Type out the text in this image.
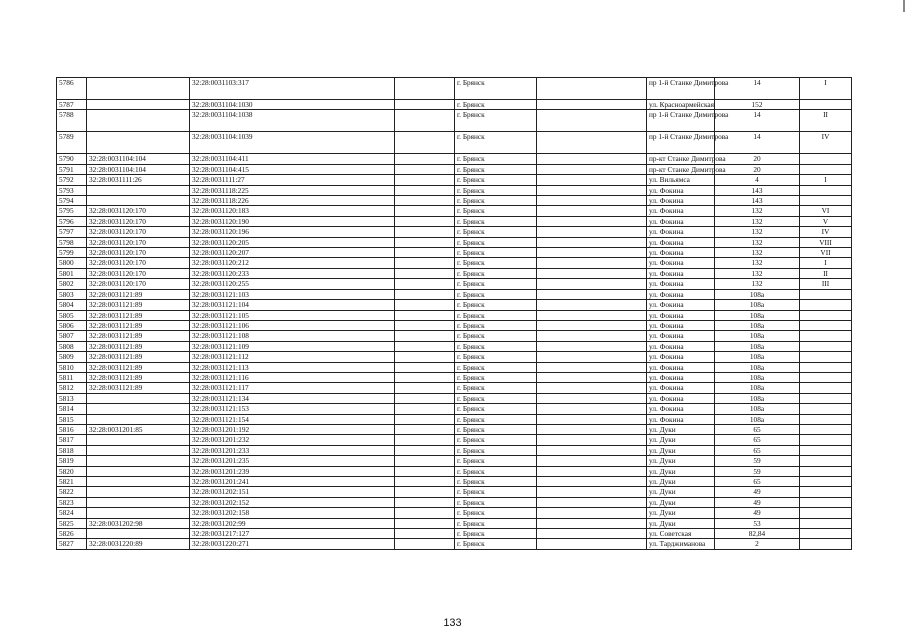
5786		32:28:0031103:317		г. Брянск		пр 1-й Станке Димитрова	14	I
5787		32:28:0031104:1030		г. Брянск		ул. Красноармейская	152	
5788		32:28:0031104:1038		г. Брянск		пр 1-й Станке Димитрова	14	II
5789		32:28:0031104:1039		г. Брянск		пр 1-й Станке Димитрова	14	IV
5790	32:28:0031104:104	32:28:0031104:411		г. Брянск		пр-кт Станке Димитрова	20	
5791	32:28:0031104:104	32:28:0031104:415		г. Брянск		пр-кт Станке Димитрова	20	
5792	32:28:0031111:26	32:28:0031111:27		г. Брянск		ул. Вильямса	4	I
5793		32:28:0031118:225		г. Брянск		ул. Фокина	143	
5794		32:28:0031118:226		г. Брянск		ул. Фокина	143	
5795	32:28:0031120:170	32:28:0031120:183		г. Брянск		ул. Фокина	132	VI
5796	32:28:0031120:170	32:28:0031120:190		г. Брянск		ул. Фокина	132	V
5797	32:28:0031120:170	32:28:0031120:196		г. Брянск		ул. Фокина	132	IV
5798	32:28:0031120:170	32:28:0031120:205		г. Брянск		ул. Фокина	132	VIII
5799	32:28:0031120:170	32:28:0031120:207		г. Брянск		ул. Фокина	132	VII
5800	32:28:0031120:170	32:28:0031120:212		г. Брянск		ул. Фокина	132	I
5801	32:28:0031120:170	32:28:0031120:233		г. Брянск		ул. Фокина	132	II
5802	32:28:0031120:170	32:28:0031120:255		г. Брянск		ул. Фокина	132	III
5803	32:28:0031121:89	32:28:0031121:103		г. Брянск		ул. Фокина	108а	
5804	32:28:0031121:89	32:28:0031121:104		г. Брянск		ул. Фокина	108а	
5805	32:28:0031121:89	32:28:0031121:105		г. Брянск		ул. Фокина	108а	
5806	32:28:0031121:89	32:28:0031121:106		г. Брянск		ул. Фокина	108а	
5807	32:28:0031121:89	32:28:0031121:108		г. Брянск		ул. Фокина	108а	
5808	32:28:0031121:89	32:28:0031121:109		г. Брянск		ул. Фокина	108а	
5809	32:28:0031121:89	32:28:0031121:112		г. Брянск		ул. Фокина	108а	
5810	32:28:0031121:89	32:28:0031121:113		г. Брянск		ул. Фокина	108а	
5811	32:28:0031121:89	32:28:0031121:116		г. Брянск		ул. Фокина	108а	
5812	32:28:0031121:89	32:28:0031121:117		г. Брянск		ул. Фокина	108а	
5813		32:28:0031121:134		г. Брянск		ул. Фокина	108а	
5814		32:28:0031121:153		г. Брянск		ул. Фокина	108а	
5815		32:28:0031121:154		г. Брянск		ул. Фокина	108а	
5816	32:28:0031201:85	32:28:0031201:192		г. Брянск		ул. Дуки	65	
5817		32:28:0031201:232		г. Брянск		ул. Дуки	65	
5818		32:28:0031201:233		г. Брянск		ул. Дуки	65	
5819		32:28:0031201:235		г. Брянск		ул. Дуки	59	
5820		32:28:0031201:239		г. Брянск		ул. Дуки	59	
5821		32:28:0031201:241		г. Брянск		ул. Дуки	65	
5822		32:28:0031202:151		г. Брянск		ул. Дуки	49	
5823		32:28:0031202:152		г. Брянск		ул. Дуки	49	
5824		32:28:0031202:158		г. Брянск		ул. Дуки	49	
5825	32:28:0031202:98	32:28:0031202:99		г. Брянск		ул. Дуки	53	
5826		32:28:0031217:127		г. Брянск		ул. Советская	82,84	
5827	32:28:0031220:89	32:28:0031220:271		г. Брянск		ул. Тарджиманова	2	
133
